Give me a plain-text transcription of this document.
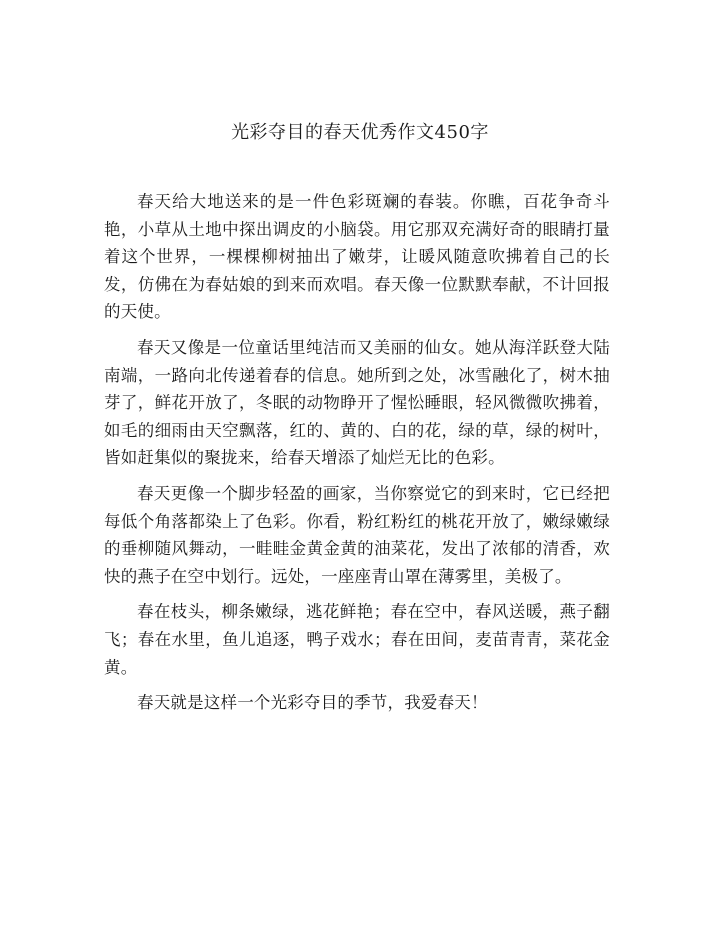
光彩夺目的春天优秀作文450字

春天给大地送来的是一件色彩斑斓的春装。你瞧，百花争奇斗艳，小草从土地中探出调皮的小脑袋。用它那双充满好奇的眼睛打量着这个世界，一棵棵柳树抽出了嫩芽，让暖风随意吹拂着自己的长发，仿佛在为春姑娘的到来而欢唱。春天像一位默默奉献，不计回报的天使。

春天又像是一位童话里纯洁而又美丽的仙女。她从海洋跃登大陆南端，一路向北传递着春的信息。她所到之处，冰雪融化了，树木抽芽了，鲜花开放了，冬眠的动物睁开了惺忪睡眼，轻风微微吹拂着，如毛的细雨由天空飘落，红的、黄的、白的花，绿的草，绿的树叶，皆如赶集似的聚拢来，给春天增添了灿烂无比的色彩。

春天更像一个脚步轻盈的画家，当你察觉它的到来时，它已经把每低个角落都染上了色彩。你看，粉红粉红的桃花开放了，嫩绿嫩绿的垂柳随风舞动，一畦畦金黄金黄的油菜花，发出了浓郁的清香，欢快的燕子在空中划行。远处，一座座青山罩在薄雾里，美极了。

春在枝头，柳条嫩绿，逃花鲜艳；春在空中，春风送暖，燕子翻飞；春在水里，鱼儿追逐，鸭子戏水；春在田间，麦苗青青，菜花金黄。

春天就是这样一个光彩夺目的季节，我爱春天！
